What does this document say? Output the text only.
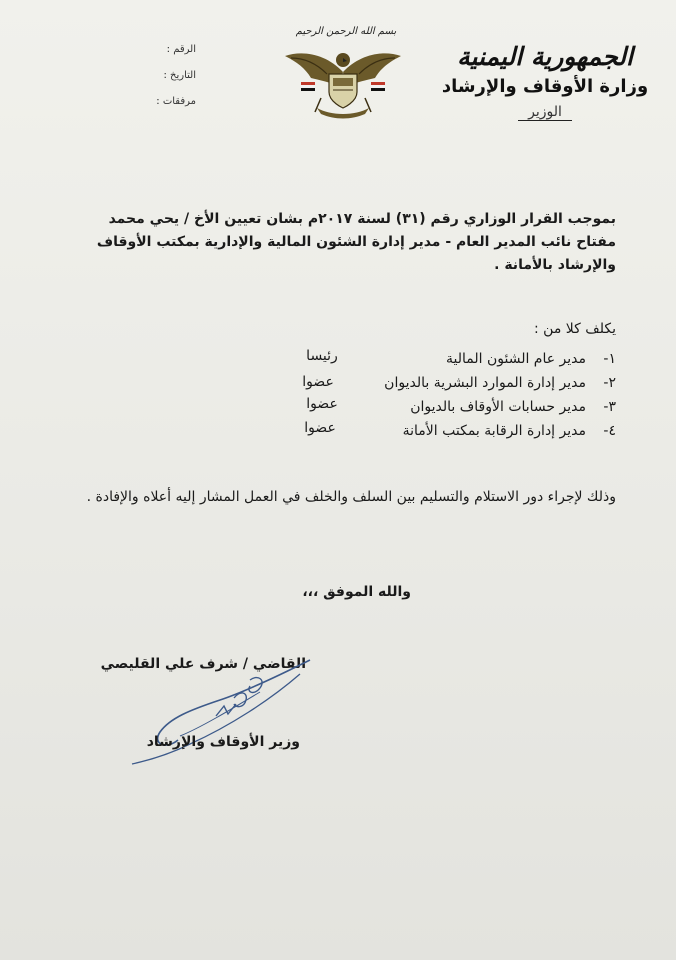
الجمهورية اليمنية
وزارة الأوقاف والإرشاد
الوزير
بسم الله الرحمن الرحيم
الرقم :
التاريخ :
مرفقات :
بموجب القرار الوزاري رقم (٣١) لسنة ٢٠١٧م بشان تعيين الأخ / يحي محمد مفتاح نائب المدير العام - مدير إدارة الشئون المالية والإدارية بمكتب الأوقاف والإرشاد بالأمانة .
يكلف كلا من :
١-مدير عام الشئون المالية
رئيسا
٢-مدير إدارة الموارد البشرية بالديوان
عضوا
٣-مدير حسابات الأوقاف بالديوان
عضوا
٤-مدير إدارة الرقابة بمكتب الأمانة
عضوا
وذلك لإجراء دور الاستلام والتسليم بين السلف والخلف في العمل المشار إليه أعلاه والإفادة .
والله الموفق ،،،
القاضي / شرف علي القليصي
وزير الأوقاف والإرشاد
